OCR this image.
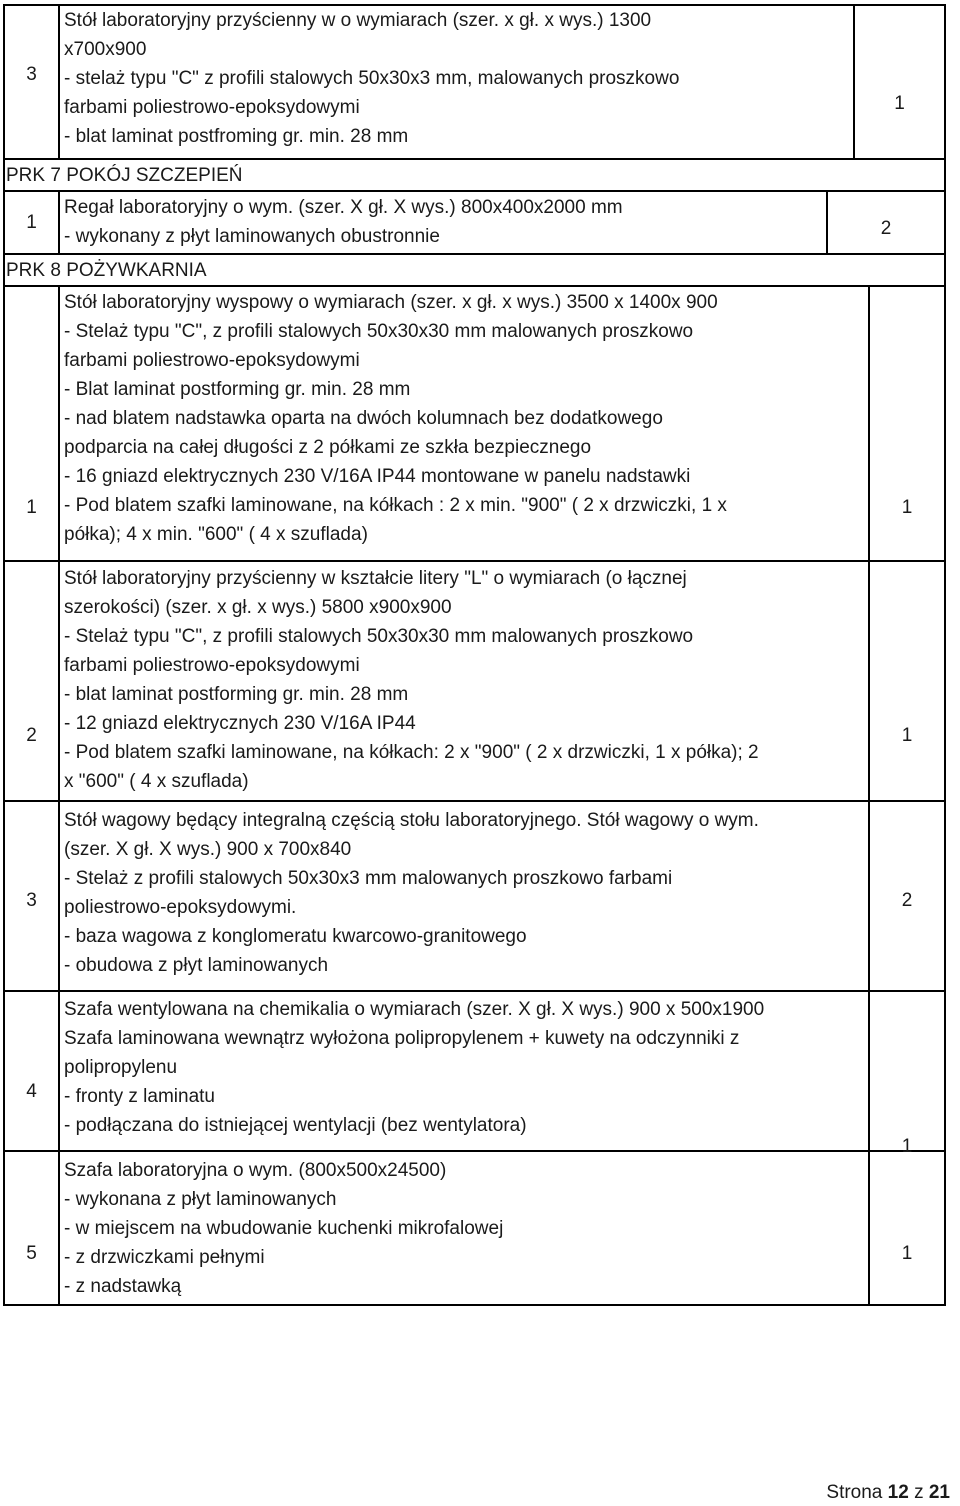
3
Stół laboratoryjny przyścienny w o wymiarach (szer. x gł. x wys.) 1300
x700x900
- stelaż typu "C" z profili stalowych 50x30x3 mm, malowanych proszkowo
farbami poliestrowo-epoksydowymi
- blat laminat postfroming gr. min. 28 mm
1
PRK 7 POKÓJ SZCZEPIEŃ
1
Regał laboratoryjny o wym. (szer. X gł. X wys.) 800x400x2000 mm
- wykonany z płyt laminowanych obustronnie	2
PRK 8 POŻYWKARNIA
1
Stół laboratoryjny wyspowy o wymiarach (szer. x gł. x wys.) 3500 x 1400x 900
- Stelaż typu "C", z profili stalowych 50x30x30 mm malowanych proszkowo
farbami poliestrowo-epoksydowymi
- Blat laminat postforming gr. min. 28 mm
- nad blatem nadstawka oparta na dwóch kolumnach bez dodatkowego
podparcia na całej długości z 2 półkami ze szkła bezpiecznego
- 16 gniazd elektrycznych 230 V/16A IP44 montowane w panelu nadstawki
- Pod blatem szafki laminowane, na kółkach : 2 x min. "900" ( 2 x drzwiczki, 1 x
półka); 4 x min. "600" ( 4 x szuflada)
1
2
Stół laboratoryjny przyścienny w kształcie litery "L" o wymiarach (o łącznej
szerokości) (szer. x gł. x wys.) 5800 x900x900
- Stelaż typu "C", z profili stalowych 50x30x30 mm malowanych proszkowo
farbami poliestrowo-epoksydowymi
- blat laminat postforming gr. min. 28 mm
- 12 gniazd elektrycznych 230 V/16A IP44
- Pod blatem szafki laminowane, na kółkach: 2 x "900" ( 2 x drzwiczki, 1 x półka); 2
x "600" ( 4 x szuflada)
1
3
Stół wagowy będący integralną częścią stołu laboratoryjnego. Stół wagowy o wym.
(szer. X gł. X wys.) 900 x 700x840
- Stelaż z profili stalowych 50x30x3 mm malowanych proszkowo farbami
poliestrowo-epoksydowymi.
- baza wagowa z konglomeratu kwarcowo-granitowego
- obudowa z płyt laminowanych
2
4
Szafa wentylowana na chemikalia o wymiarach (szer. X gł. X wys.) 900 x 500x1900
Szafa laminowana wewnątrz wyłożona polipropylenem + kuwety na odczynniki z
polipropylenu
- fronty z laminatu
- podłączana do istniejącej wentylacji (bez wentylatora)
1
5
Szafa laboratoryjna o wym. (800x500x24500)
- wykonana z płyt laminowanych
- w miejscem na wbudowanie kuchenki mikrofalowej
- z drzwiczkami pełnymi
- z nadstawką
1
Strona 12 z 21
